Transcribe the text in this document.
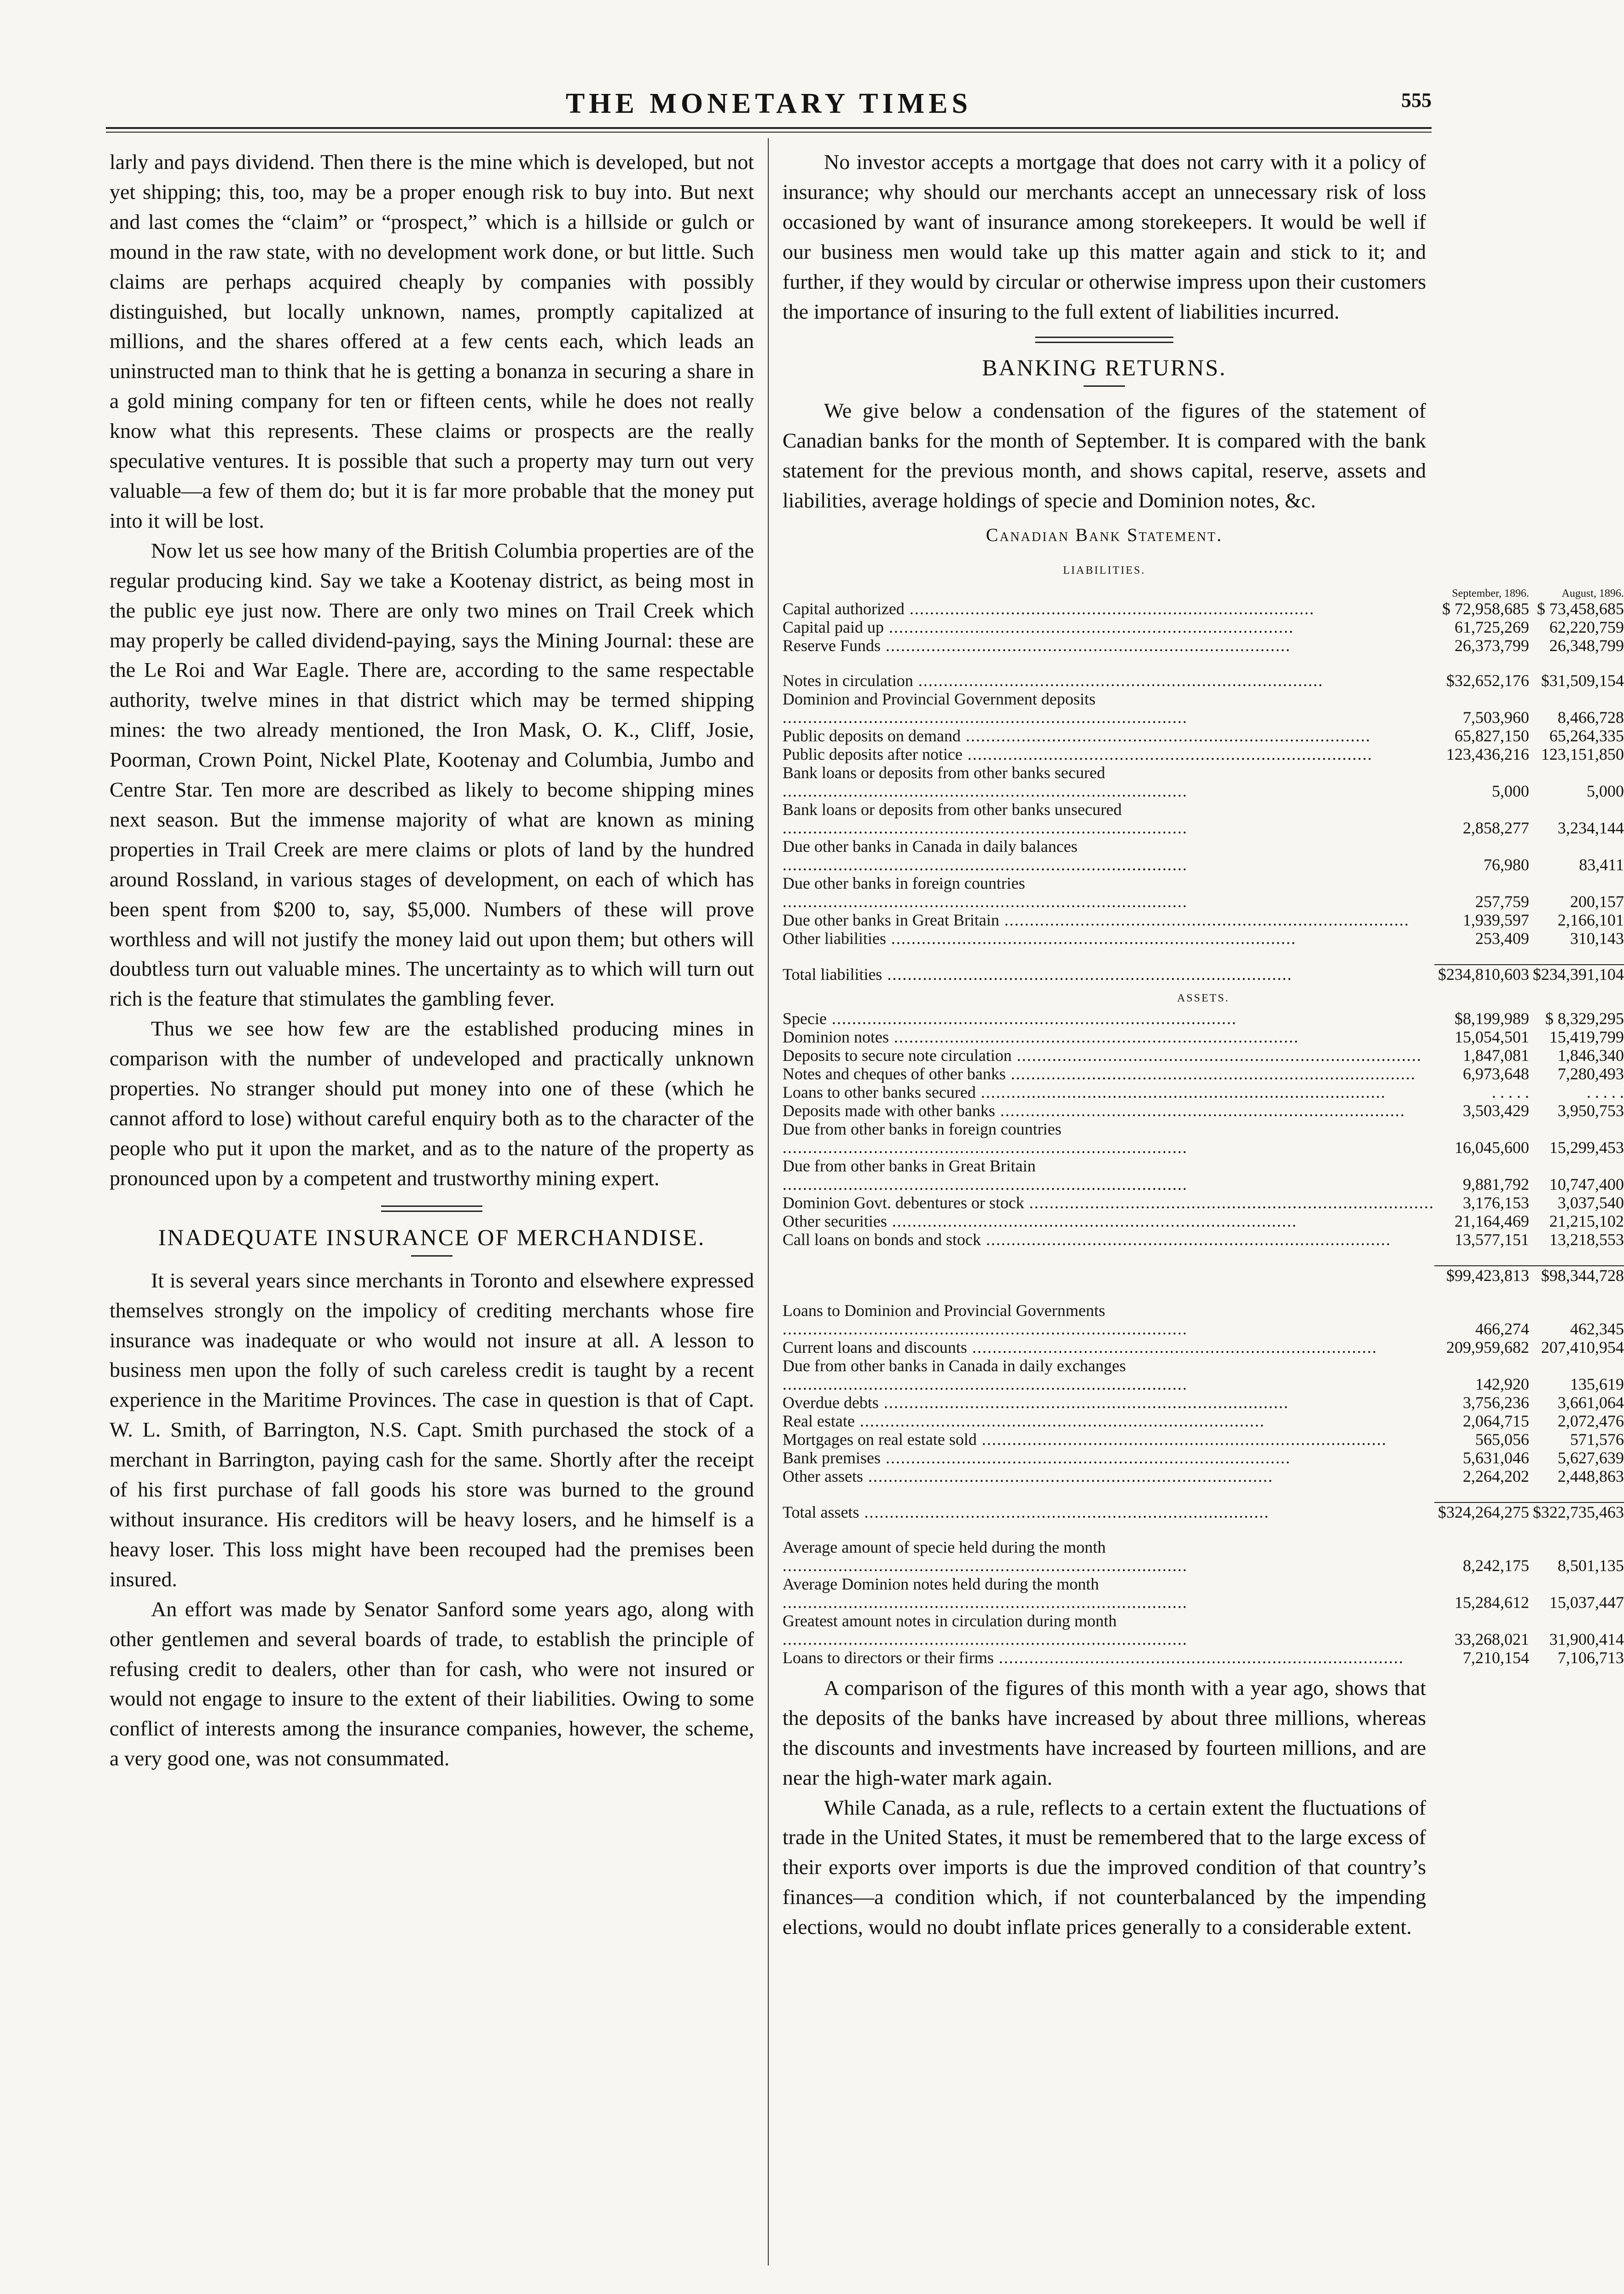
THE MONETARY TIMES	555

larly and pays dividend. Then there is the mine which is developed, but not yet shipping; this, too, may be a proper enough risk to buy into. But next and last comes the “claim” or “prospect,” which is a hillside or gulch or mound in the raw state, with no development work done, or but little. Such claims are perhaps acquired cheaply by companies with possibly distinguished, but locally unknown, names, promptly capitalized at millions, and the shares offered at a few cents each, which leads an uninstructed man to think that he is getting a bonanza in securing a share in a gold mining company for ten or fifteen cents, while he does not really know what this represents. These claims or prospects are the really speculative ventures. It is possible that such a property may turn out very valuable—a few of them do; but it is far more probable that the money put into it will be lost.

Now let us see how many of the British Columbia properties are of the regular producing kind. Say we take a Kootenay district, as being most in the public eye just now. There are only two mines on Trail Creek which may properly be called dividend-paying, says the Mining Journal: these are the Le Roi and War Eagle. There are, according to the same respectable authority, twelve mines in that district which may be termed shipping mines: the two already mentioned, the Iron Mask, O. K., Cliff, Josie, Poorman, Crown Point, Nickel Plate, Kootenay and Columbia, Jumbo and Centre Star. Ten more are described as likely to become shipping mines next season. But the immense majority of what are known as mining properties in Trail Creek are mere claims or plots of land by the hundred around Rossland, in various stages of development, on each of which has been spent from $200 to, say, $5,000. Numbers of these will prove worthless and will not justify the money laid out upon them; but others will doubtless turn out valuable mines. The uncertainty as to which will turn out rich is the feature that stimulates the gambling fever.

Thus we see how few are the established producing mines in comparison with the number of undeveloped and practically unknown properties. No stranger should put money into one of these (which he cannot afford to lose) without careful enquiry both as to the character of the people who put it upon the market, and as to the nature of the property as pronounced upon by a competent and trustworthy mining expert.

INADEQUATE INSURANCE OF MERCHANDISE.

It is several years since merchants in Toronto and elsewhere expressed themselves strongly on the impolicy of crediting merchants whose fire insurance was inadequate or who would not insure at all. A lesson to business men upon the folly of such careless credit is taught by a recent experience in the Maritime Provinces. The case in question is that of Capt. W. L. Smith, of Barrington, N.S. Capt. Smith purchased the stock of a merchant in Barrington, paying cash for the same. Shortly after the receipt of his first purchase of fall goods his store was burned to the ground without insurance. His creditors will be heavy losers, and he himself is a heavy loser. This loss might have been recouped had the premises been insured.

An effort was made by Senator Sanford some years ago, along with other gentlemen and several boards of trade, to establish the principle of refusing credit to dealers, other than for cash, who were not insured or would not engage to insure to the extent of their liabilities. Owing to some conflict of interests among the insurance companies, however, the scheme, a very good one, was not consummated.

No investor accepts a mortgage that does not carry with it a policy of insurance; why should our merchants accept an unnecessary risk of loss occasioned by want of insurance among storekeepers. It would be well if our business men would take up this matter again and stick to it; and further, if they would by circular or otherwise impress upon their customers the importance of insuring to the full extent of liabilities incurred.

BANKING RETURNS.

We give below a condensation of the figures of the statement of Canadian banks for the month of September. It is compared with the bank statement for the previous month, and shows capital, reserve, assets and liabilities, average holdings of specie and Dominion notes, &c.

Canadian Bank Statement.
LIABILITIES.
	September, 1896.	August, 1896.
Capital authorized .....	$ 72,958,685	$ 73,458,685
Capital paid up .....	61,725,269	62,220,759
Reserve Funds .....	26,373,799	26,348,799

Notes in circulation .....	$32,652,176	$31,509,154
Dominion and Provincial Government deposits .....	7,503,960	8,466,728
Public deposits on demand .....	65,827,150	65,264,335
Public deposits after notice .....	123,436,216	123,151,850
Bank loans or deposits from other banks secured .....	5,000	5,000
Bank loans or deposits from other banks unsecured .....	2,858,277	3,234,144
Due other banks in Canada in daily balances .....	76,980	83,411
Due other banks in foreign countries .....	257,759	200,157
Due other banks in Great Britain .....	1,939,597	2,166,101
Other liabilities .....	253,409	310,143

Total liabilities .....	$234,810,603	$234,391,104
ASSETS.		
Specie .....	$8,199,989	$ 8,329,295
Dominion notes .....	15,054,501	15,419,799
Deposits to secure note circulation .....	1,847,081	1,846,340
Notes and cheques of other banks .....	6,973,648	7,280,493
Loans to other banks secured .....	. . . . .	. . . . .
Deposits made with other banks .....	3,503,429	3,950,753
Due from other banks in foreign countries .....	16,045,600	15,299,453
Due from other banks in Great Britain .....	9,881,792	10,747,400
Dominion Govt. debentures or stock .....	3,176,153	3,037,540
Other securities .....	21,164,469	21,215,102
Call loans on bonds and stock .....	13,577,151	13,218,553

	$99,423,813	$98,344,728

Loans to Dominion and Provincial Governments .....	466,274	462,345
Current loans and discounts .....	209,959,682	207,410,954
Due from other banks in Canada in daily exchanges .....	142,920	135,619
Overdue debts .....	3,756,236	3,661,064
Real estate .....	2,064,715	2,072,476
Mortgages on real estate sold .....	565,056	571,576
Bank premises .....	5,631,046	5,627,639
Other assets .....	2,264,202	2,448,863

Total assets .....	$324,264,275	$322,735,463

Average amount of specie held during the month .....	8,242,175	8,501,135
Average Dominion notes held during the month .....	15,284,612	15,037,447
Greatest amount notes in circulation during month .....	33,268,021	31,900,414
Loans to directors or their firms .....	7,210,154	7,106,713

A comparison of the figures of this month with a year ago, shows that the deposits of the banks have increased by about three millions, whereas the discounts and investments have increased by fourteen millions, and are near the high-water mark again.

While Canada, as a rule, reflects to a certain extent the fluctuations of trade in the United States, it must be remembered that to the large excess of their exports over imports is due the improved condition of that country’s finances—a condition which, if not counterbalanced by the impending elections, would no doubt inflate prices generally to a considerable extent.
